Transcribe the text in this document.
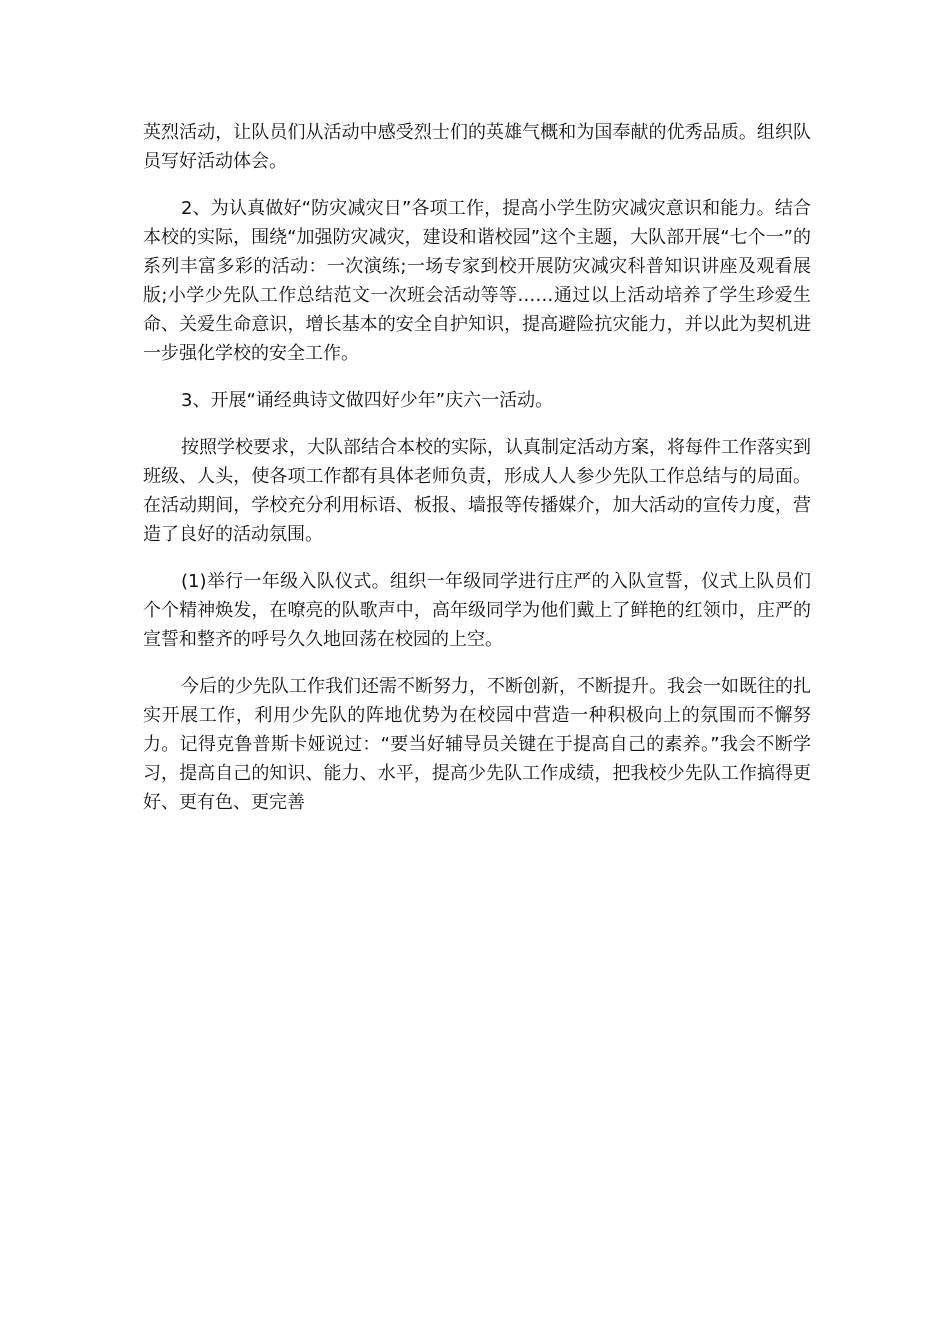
英烈活动，让队员们从活动中感受烈士们的英雄气概和为国奉献的优秀品质。组织队员写好活动体会。

2、为认真做好“防灾减灾日”各项工作，提高小学生防灾减灾意识和能力。结合本校的实际，围绕“加强防灾减灾，建设和谐校园”这个主题，大队部开展“七个一”的系列丰富多彩的活动：一次演练;一场专家到校开展防灾减灾科普知识讲座及观看展版;小学少先队工作总结范文一次班会活动等等……通过以上活动培养了学生珍爱生命、关爱生命意识，增长基本的安全自护知识，提高避险抗灾能力，并以此为契机进一步强化学校的安全工作。

3、开展“诵经典诗文做四好少年”庆六一活动。

按照学校要求，大队部结合本校的实际，认真制定活动方案，将每件工作落实到班级、人头，使各项工作都有具体老师负责，形成人人参少先队工作总结与的局面。在活动期间，学校充分利用标语、板报、墙报等传播媒介，加大活动的宣传力度，营造了良好的活动氛围。

(1)举行一年级入队仪式。组织一年级同学进行庄严的入队宣誓，仪式上队员们个个精神焕发，在嘹亮的队歌声中，高年级同学为他们戴上了鲜艳的红领巾，庄严的宣誓和整齐的呼号久久地回荡在校园的上空。

今后的少先队工作我们还需不断努力，不断创新，不断提升。我会一如既往的扎实开展工作，利用少先队的阵地优势为在校园中营造一种积极向上的氛围而不懈努力。记得克鲁普斯卡娅说过：“要当好辅导员关键在于提高自己的素养。”我会不断学习，提高自己的知识、能力、水平，提高少先队工作成绩，把我校少先队工作搞得更好、更有色、更完善
